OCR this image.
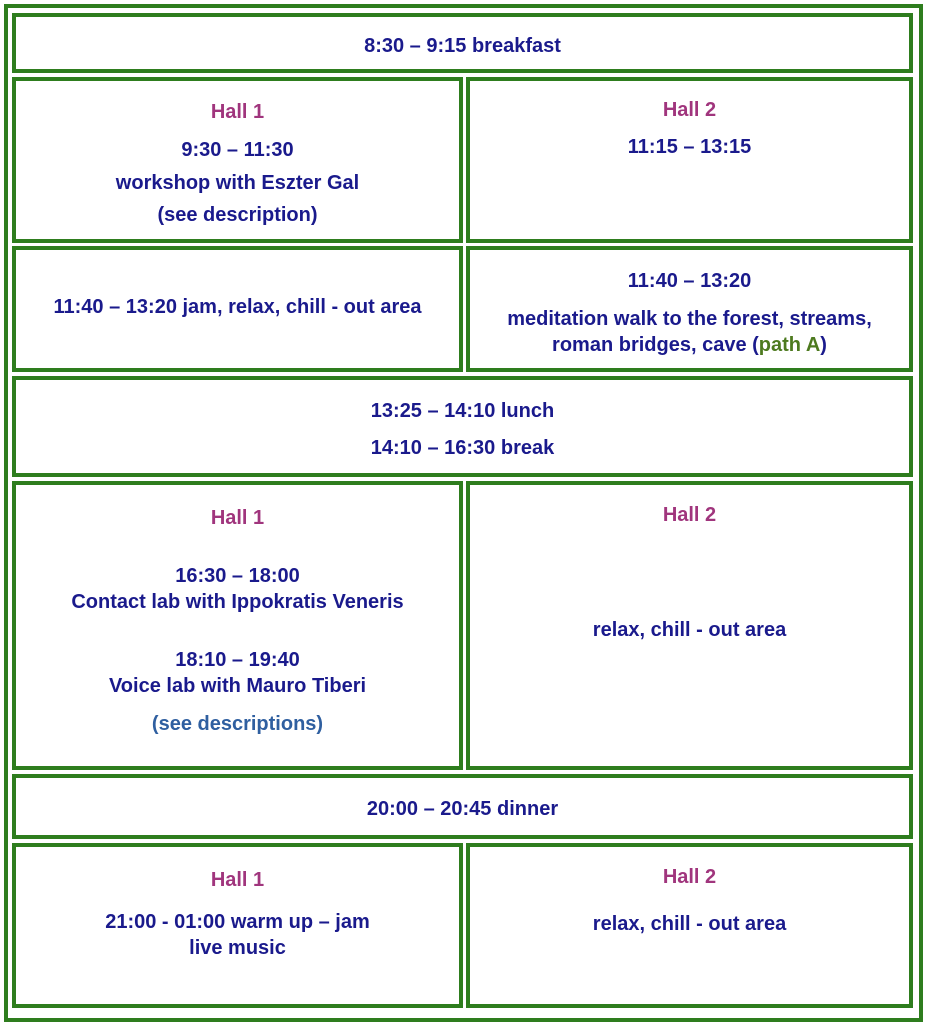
8:30 – 9:15 breakfast
Hall 1
9:30 – 11:30
workshop with Eszter Gal
(see description)
Hall 2
11:15 – 13:15
11:40 – 13:20 jam, relax, chill - out area
11:40 – 13:20
meditation walk to the forest, streams,
roman bridges, cave (path A)
13:25 – 14:10 lunch
14:10 – 16:30 break
Hall 1
16:30 – 18:00
Contact lab with Ippokratis Veneris
18:10 – 19:40
Voice lab with Mauro Tiberi
(see descriptions)
Hall 2
relax, chill - out area
20:00 – 20:45 dinner
Hall 1
21:00 - 01:00 warm up – jam
live music
Hall 2
relax, chill - out area
